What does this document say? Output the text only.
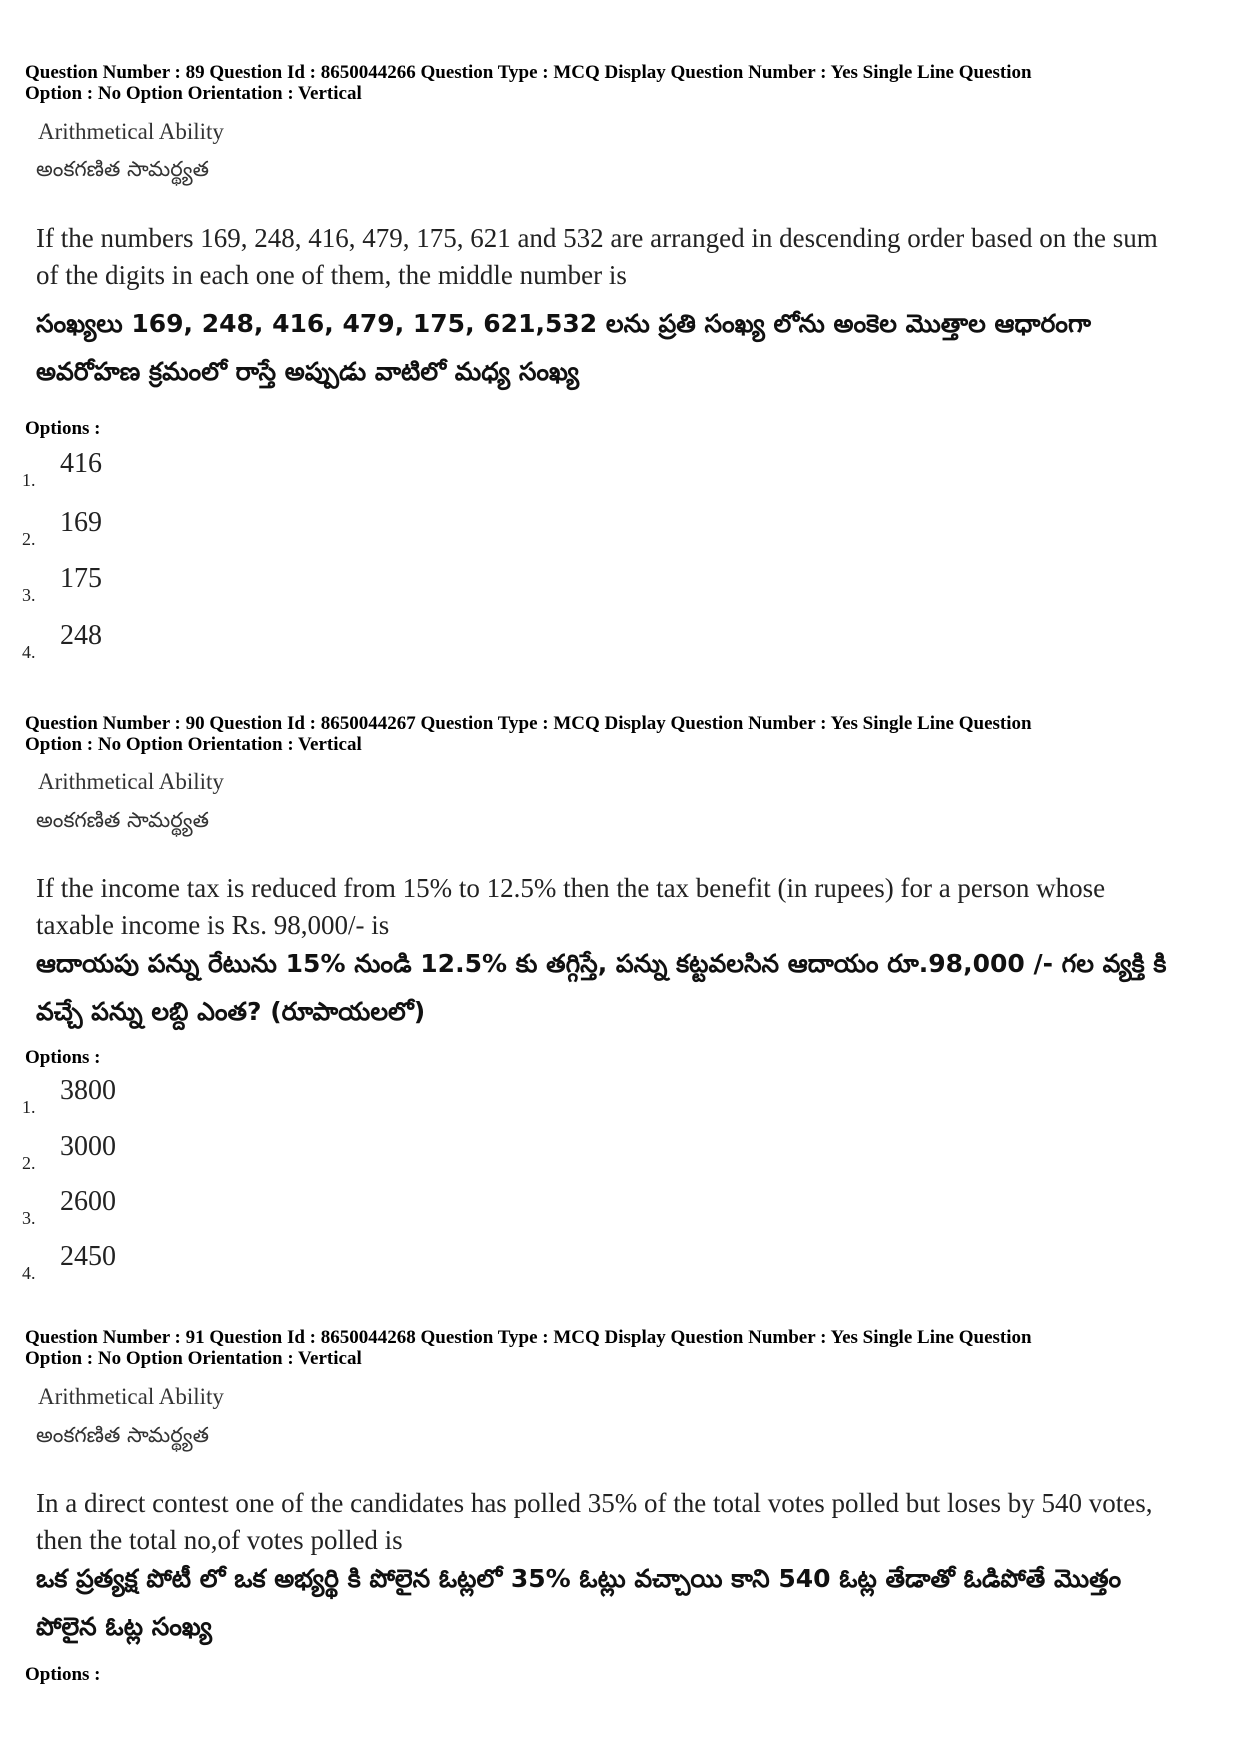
Question Number : 89 Question Id : 8650044266 Question Type : MCQ Display Question Number : Yes Single Line Question
Option : No Option Orientation : Vertical
Arithmetical Ability
అంకగణిత సామర్థ్యత
If the numbers 169, 248, 416, 479, 175, 621 and 532 are arranged in descending order based on the sum of the digits in each one of them, the middle number is
సంఖ్యలు 169, 248, 416, 479, 175, 621,532 లను ప్రతి సంఖ్య లోను అంకెల మొత్తాల ఆధారంగా అవరోహణ క్రమంలో రాస్తే అప్పుడు వాటిలో మధ్య సంఖ్య
Options :
1.
416
2.
169
3.
175
4.
248
Question Number : 90 Question Id : 8650044267 Question Type : MCQ Display Question Number : Yes Single Line Question
Option : No Option Orientation : Vertical
Arithmetical Ability
అంకగణిత సామర్థ్యత
If the income tax is reduced from 15% to 12.5% then the tax benefit (in rupees) for a person whose taxable income is Rs. 98,000/- is
ఆదాయపు పన్ను రేటును 15% నుండి 12.5% కు తగ్గిస్తే, పన్ను కట్టవలసిన ఆదాయం రూ.98,000 /- గల వ్యక్తి కి వచ్చే పన్ను లబ్ది ఎంత? (రూపాయలలో)
Options :
1.
3800
2.
3000
3.
2600
4.
2450
Question Number : 91 Question Id : 8650044268 Question Type : MCQ Display Question Number : Yes Single Line Question
Option : No Option Orientation : Vertical
Arithmetical Ability
అంకగణిత సామర్థ్యత
In a direct contest one of the candidates has polled 35% of the total votes polled but loses by 540 votes, then the total no,of votes polled is
ఒక ప్రత్యక్ష పోటీ లో ఒక అభ్యర్థి కి పోలైన ఓట్లలో 35% ఓట్లు వచ్చాయి కాని 540 ఓట్ల తేడాతో ఓడిపోతే మొత్తం పోలైన ఓట్ల సంఖ్య
Options :
